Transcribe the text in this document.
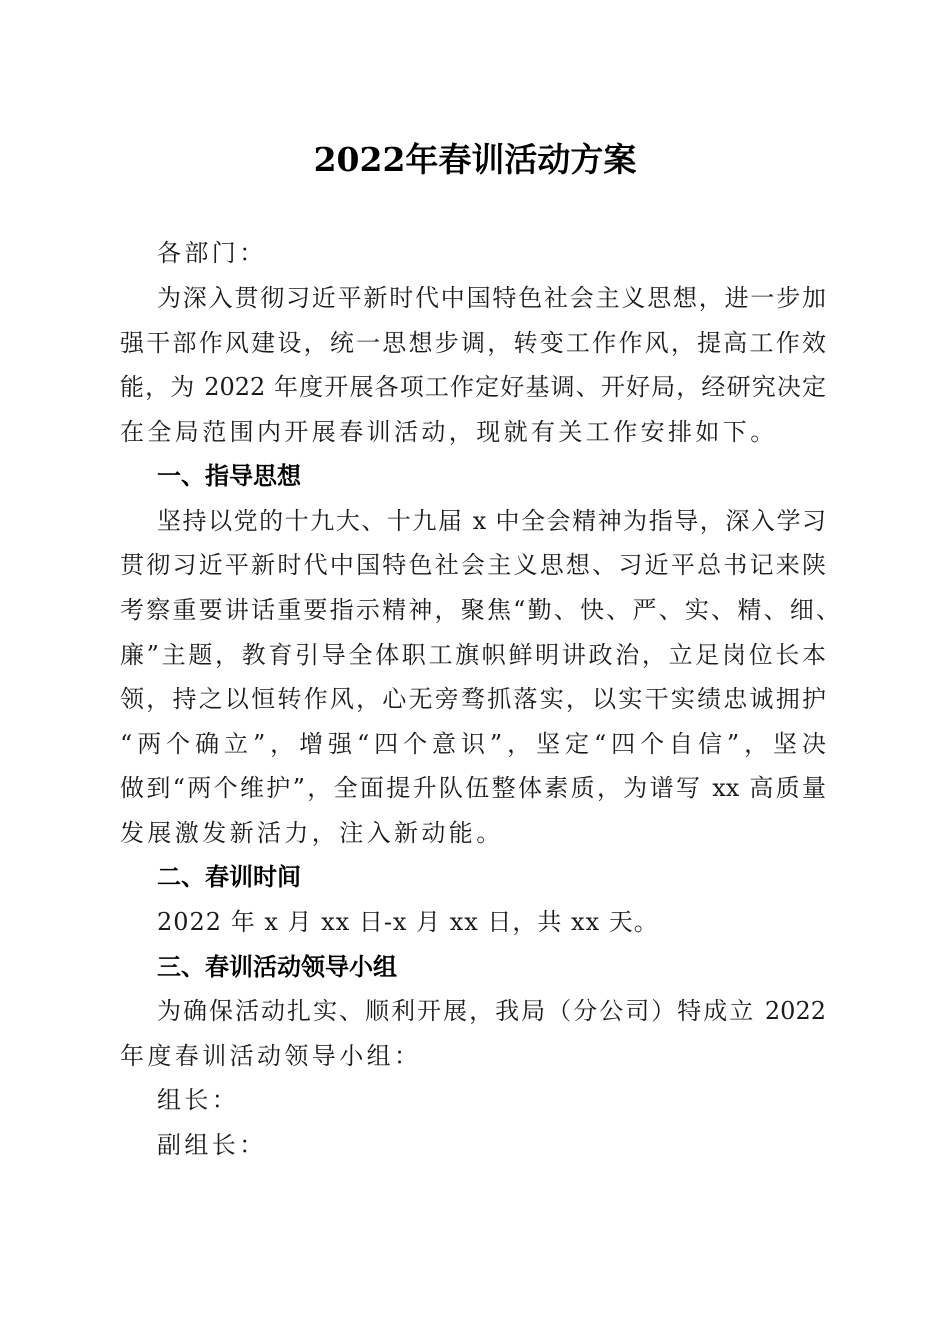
2022年春训活动方案
各部门：
为深入贯彻习近平新时代中国特色社会主义思想，进一步加
强干部作风建设，统一思想步调，转变工作作风，提高工作效
能，为 2022 年度开展各项工作定好基调、开好局，经研究决定
在全局范围内开展春训活动，现就有关工作安排如下。
一、指导思想
坚持以党的十九大、十九届 x 中全会精神为指导，深入学习
贯彻习近平新时代中国特色社会主义思想、习近平总书记来陕
考察重要讲话重要指示精神，聚焦“勤、快、严、实、精、细、
廉”主题，教育引导全体职工旗帜鲜明讲政治，立足岗位长本
领，持之以恒转作风，心无旁骛抓落实，以实干实绩忠诚拥护
“两个确立”，增强“四个意识”，坚定“四个自信”，坚决
做到“两个维护”，全面提升队伍整体素质，为谱写 xx 高质量
发展激发新活力，注入新动能。
二、春训时间
2022 年 x 月 xx 日-x 月 xx 日，共 xx 天。
三、春训活动领导小组
为确保活动扎实、顺利开展，我局（分公司）特成立 2022
年度春训活动领导小组：
组长：
副组长：
